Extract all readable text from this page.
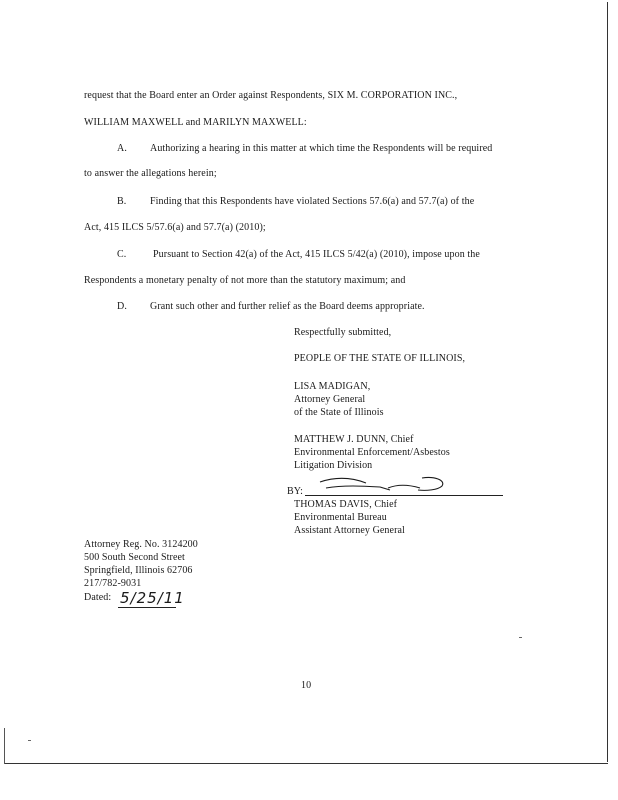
request that the Board enter an Order against Respondents, SIX M. CORPORATION INC.,
WILLIAM MAXWELL and MARILYN MAXWELL:
A. Authorizing a hearing in this matter at which time the Respondents will be required
to answer the allegations herein;
B. Finding that this Respondents have violated Sections 57.6(a) and 57.7(a) of the
Act, 415 ILCS 5/57.6(a) and 57.7(a) (2010);
C.	Pursuant to Section 42(a) of the Act, 415 ILCS 5/42(a) (2010), impose upon the
Respondents a monetary penalty of not more than the statutory maximum; and
D. Grant such other and further relief as the Board deems appropriate.
Respectfully submitted,
PEOPLE OF THE STATE OF ILLINOIS,
LISA MADIGAN,
Attorney General
of the State of Illinois
MATTHEW J. DUNN, Chief
Environmental Enforcement/Asbestos
Litigation Division
BY:
THOMAS DAVIS, Chief
Environmental Bureau
Assistant Attorney General
Attorney Reg. No. 3124200
500 South Second Street
Springfield, Illinois 62706
217/782-9031
Dated: 5/25/11
10
